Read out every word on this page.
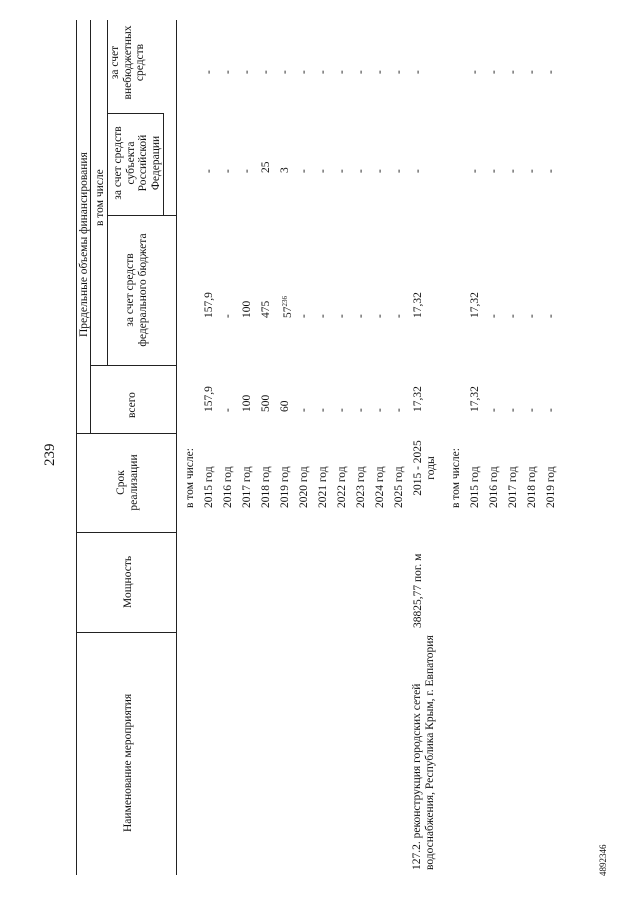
239
Наименование мероприятия
Мощность
Срок реализации
Предельные объемы финансирования
всего
в том числе
за счет средств федерального бюджета
за счет средств субъекта Российской Федерации
за счет внебюджетных средств
в том числе: 2015 год
157,9
157,9
-
-
2016 год
-
-
-
-
2017 год
100
100
-
-
2018 год
500
475
25
-
2019 год
60
$57^{236}$
3
-
2020 год
-
-
-
-
2021 год
-
-
-
-
2022 год
-
-
-
-
2023 год
-
-
-
-
2024 год
-
-
-
-
2025 год
-
-
-
-
127.2. реконструкция городских сетей водоснабжения, Республика Крым, г. Евпатория
38825,77 пог. м
2015 - 2025 годы
17,32
17,32
-
-
в том числе: 2015 год
17,32
17,32
-
-
2016 год
-
-
-
-
2017 год
-
-
-
-
2018 год
-
-
-
-
2019 год
-
-
-
-
4892346
